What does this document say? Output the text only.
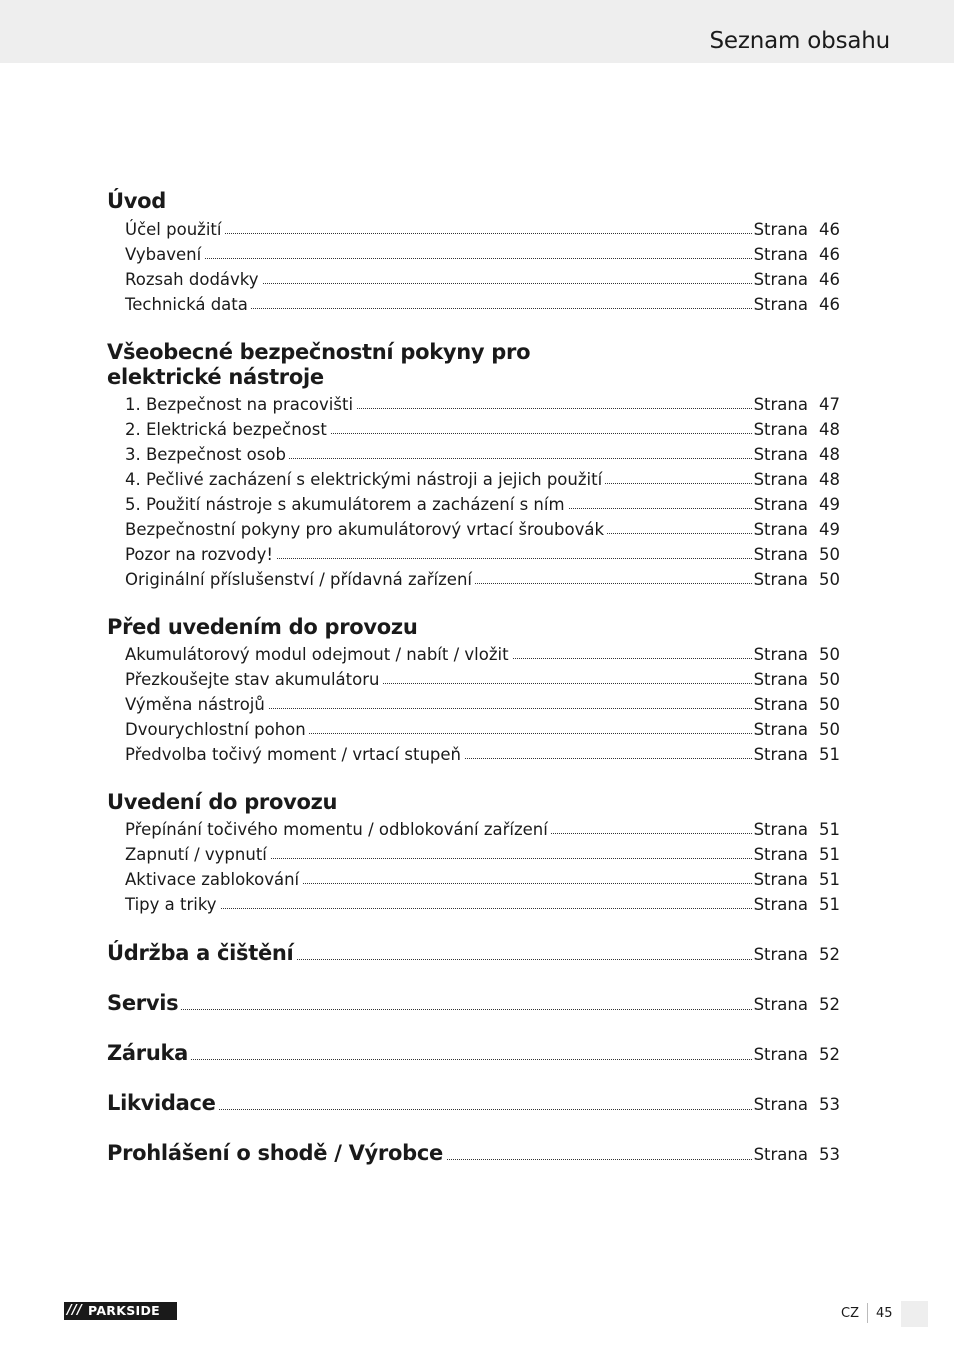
Seznam obsahu
Úvod
Účel použití	Strana 46
Vybavení	Strana 46
Rozsah dodávky	Strana 46
Technická data	Strana 46
Všeobecné bezpečnostní pokyny pro
elektrické nástroje
1. Bezpečnost na pracovišti	Strana 47
2. Elektrická bezpečnost	Strana 48
3. Bezpečnost osob	Strana 48
4. Pečlivé zacházení s elektrickými nástroji a jejich použití	Strana 48
5. Použití nástroje s akumulátorem a zacházení s ním	Strana 49
Bezpečnostní pokyny pro akumulátorový vrtací šroubovák	Strana 49
Pozor na rozvody!	Strana 50
Originální příslušenství / přídavná zařízení	Strana 50
Před uvedením do provozu
Akumulátorový modul odejmout / nabít / vložit	Strana 50
Přezkoušejte stav akumulátoru	Strana 50
Výměna nástrojů	Strana 50
Dvourychlostní pohon	Strana 50
Předvolba točivý moment / vrtací stupeň	Strana 51
Uvedení do provozu
Přepínání točivého momentu / odblokování zařízení	Strana 51
Zapnutí / vypnutí	Strana 51
Aktivace zablokování	Strana 51
Tipy a triky	Strana 51
Údržba a čištění	Strana 52
Servis	Strana 52
Záruka	Strana 52
Likvidace	Strana 53
Prohlášení o shodě / Výrobce	Strana 53
/// PARKSIDE	CZ 45
